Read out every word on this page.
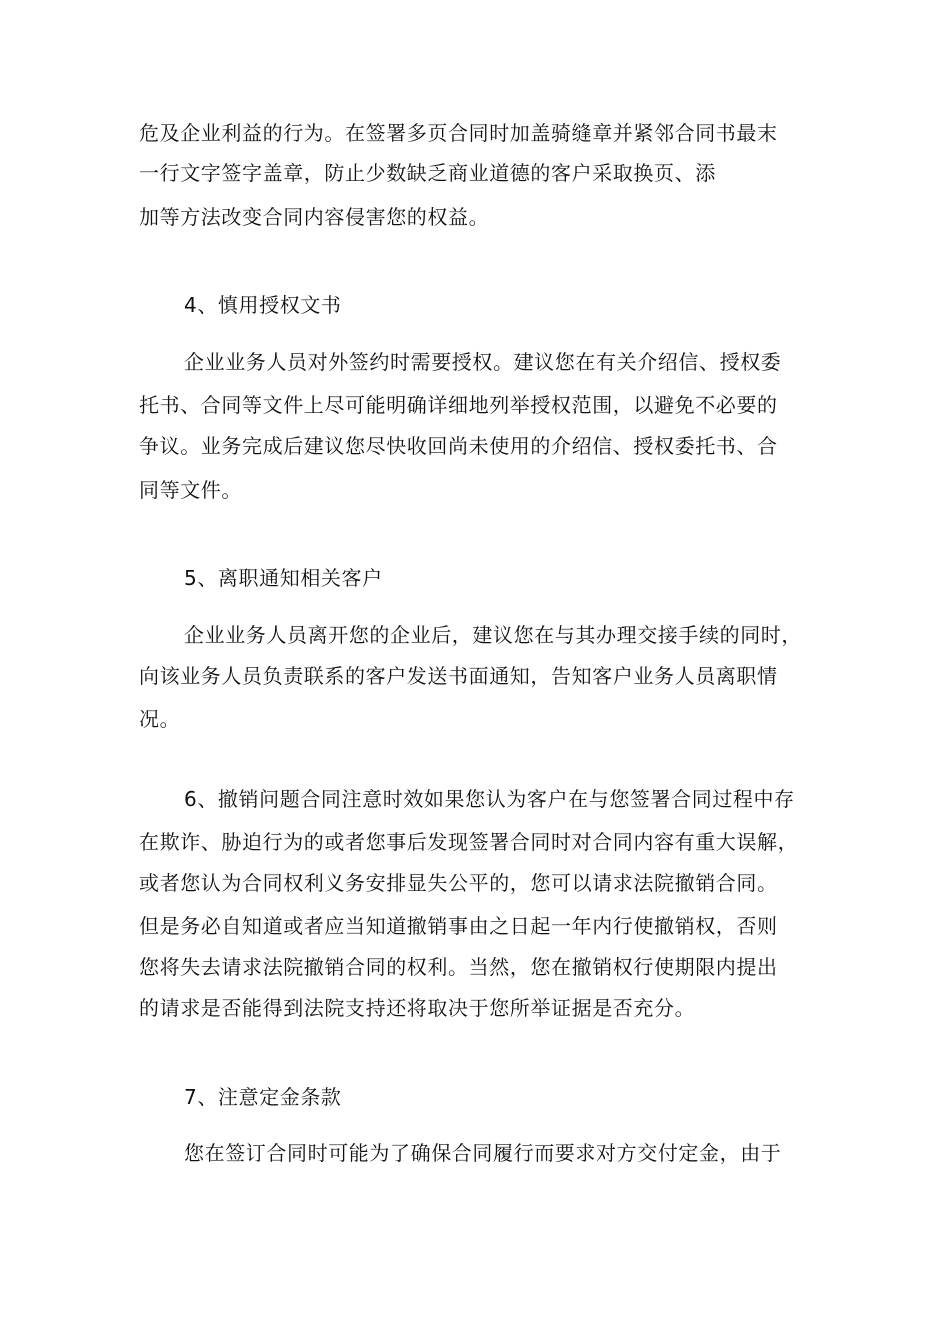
危及企业利益的行为。在签署多页合同时加盖骑缝章并紧邻合同书最末
一行文字签字盖章，防止少数缺乏商业道德的客户采取换页、添
加等方法改变合同内容侵害您的权益。
4、慎用授权文书
企业业务人员对外签约时需要授权。建议您在有关介绍信、授权委
托书、合同等文件上尽可能明确详细地列举授权范围，以避免不必要的
争议。业务完成后建议您尽快收回尚未使用的介绍信、授权委托书、合
同等文件。
5、离职通知相关客户
企业业务人员离开您的企业后，建议您在与其办理交接手续的同时，
向该业务人员负责联系的客户发送书面通知，告知客户业务人员离职情
况。
6、撤销问题合同注意时效如果您认为客户在与您签署合同过程中存
在欺诈、胁迫行为的或者您事后发现签署合同时对合同内容有重大误解，
或者您认为合同权利义务安排显失公平的，您可以请求法院撤销合同。
但是务必自知道或者应当知道撤销事由之日起一年内行使撤销权，否则
您将失去请求法院撤销合同的权利。当然，您在撤销权行使期限内提出
的请求是否能得到法院支持还将取决于您所举证据是否充分。
7、注意定金条款
您在签订合同时可能为了确保合同履行而要求对方交付定金，由于
